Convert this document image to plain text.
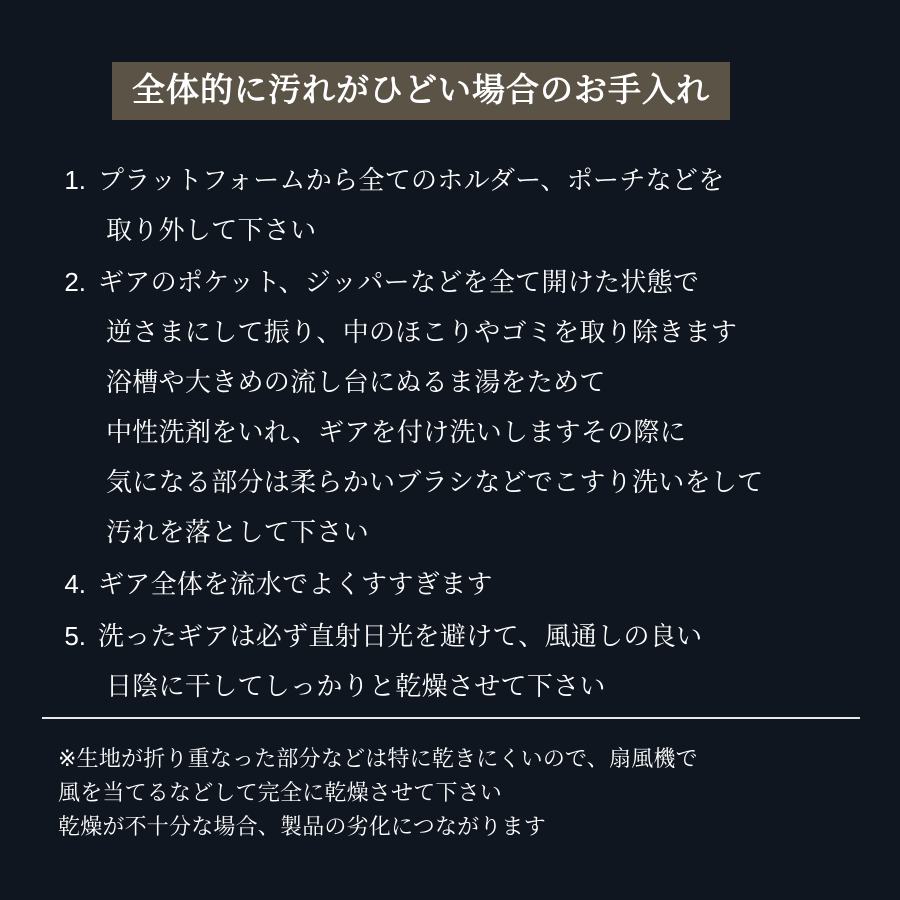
全体的に汚れがひどい場合のお手入れ
1. プラットフォームから全てのホルダー、ポーチなどを
取り外して下さい
2. ギアのポケット、ジッパーなどを全て開けた状態で
逆さまにして振り、中のほこりやゴミを取り除きます
浴槽や大きめの流し台にぬるま湯をためて
中性洗剤をいれ、ギアを付け洗いしますその際に
気になる部分は柔らかいブラシなどでこすり洗いをして
汚れを落として下さい
4. ギア全体を流水でよくすすぎます
5. 洗ったギアは必ず直射日光を避けて、風通しの良い
日陰に干してしっかりと乾燥させて下さい
※生地が折り重なった部分などは特に乾きにくいので、扇風機で
風を当てるなどして完全に乾燥させて下さい
乾燥が不十分な場合、製品の劣化につながります
